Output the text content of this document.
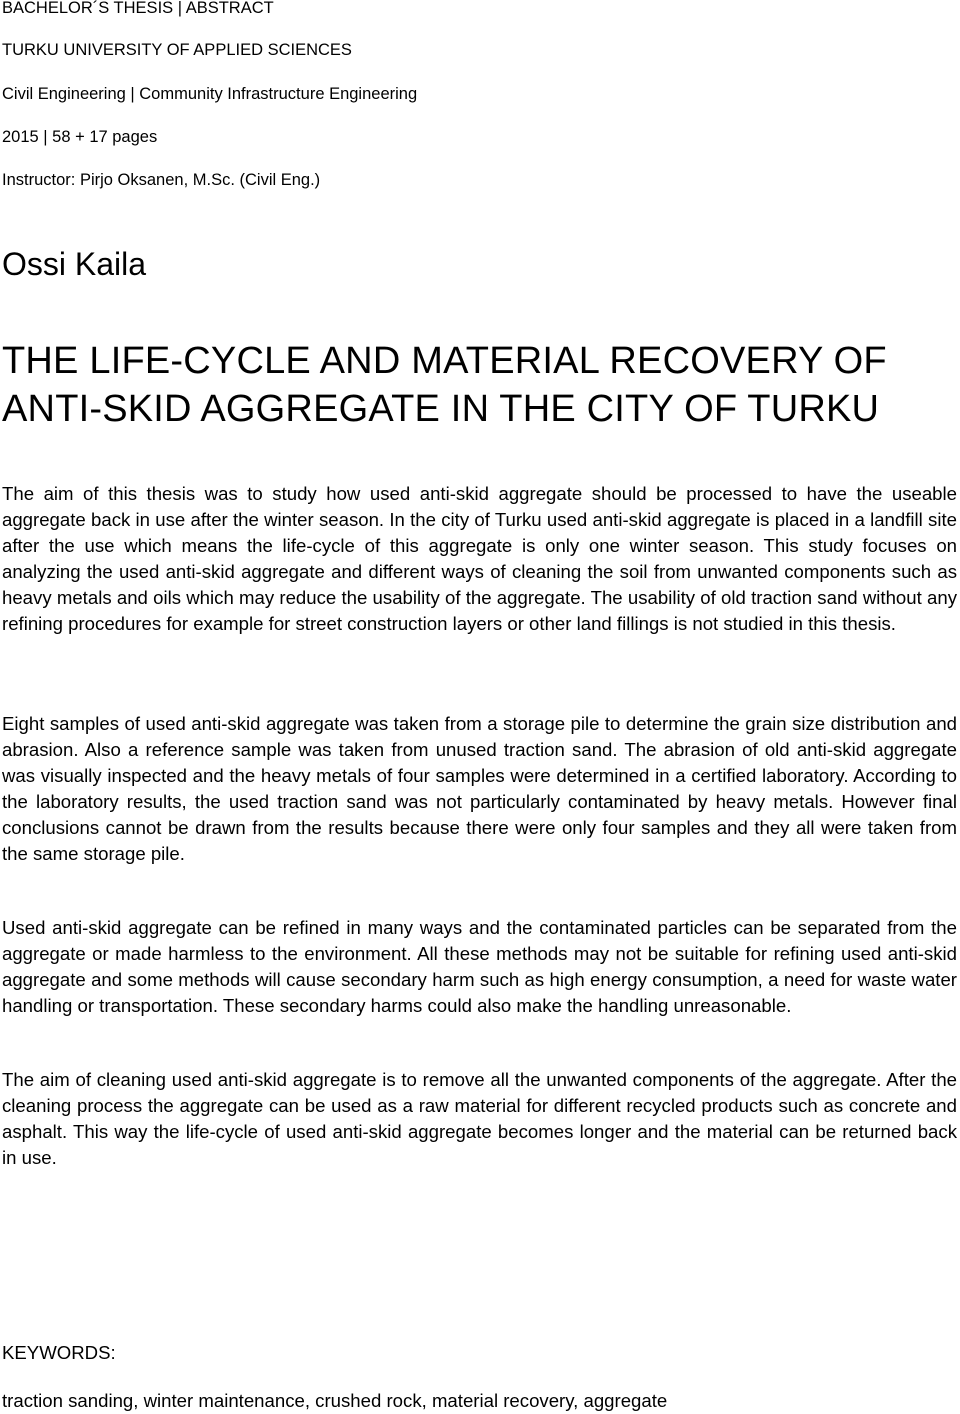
BACHELOR´S THESIS | ABSTRACT
TURKU UNIVERSITY OF APPLIED SCIENCES
Civil Engineering | Community Infrastructure Engineering
2015 | 58 + 17 pages
Instructor: Pirjo Oksanen, M.Sc. (Civil Eng.)
Ossi Kaila
THE LIFE-CYCLE AND MATERIAL RECOVERY OF
ANTI-SKID AGGREGATE IN THE CITY OF TURKU

The aim of this thesis was to study how used anti-skid aggregate should be processed to have the useable aggregate back in use after the winter season. In the city of Turku used anti-skid aggregate is placed in a landfill site after the use which means the life-cycle of this aggregate is only one winter season. This study focuses on analyzing the used anti-skid aggregate and different ways of cleaning the soil from unwanted components such as heavy metals and oils which may reduce the usability of the aggregate. The usability of old traction sand without any refining procedures for example for street construction layers or other land fillings is not studied in this thesis.

Eight samples of used anti-skid aggregate was taken from a storage pile to determine the grain size distribution and abrasion. Also a reference sample was taken from unused traction sand. The abrasion of old anti-skid aggregate was visually inspected and the heavy metals of four samples were determined in a certified laboratory. According to the laboratory results, the used traction sand was not particularly contaminated by heavy metals. However final conclusions cannot be drawn from the results because there were only four samples and they all were taken from the same storage pile.

Used anti-skid aggregate can be refined in many ways and the contaminated particles can be separated from the aggregate or made harmless to the environment. All these methods may not be suitable for refining used anti-skid aggregate and some methods will cause secondary harm such as high energy consumption, a need for waste water handling or transportation. These secondary harms could also make the handling unreasonable.

The aim of cleaning used anti-skid aggregate is to remove all the unwanted components of the aggregate. After the cleaning process the aggregate can be used as a raw material for different recycled products such as concrete and asphalt. This way the life-cycle of used anti-skid aggregate becomes longer and the material can be returned back in use.

KEYWORDS:
traction sanding, winter maintenance, crushed rock, material recovery, aggregate
